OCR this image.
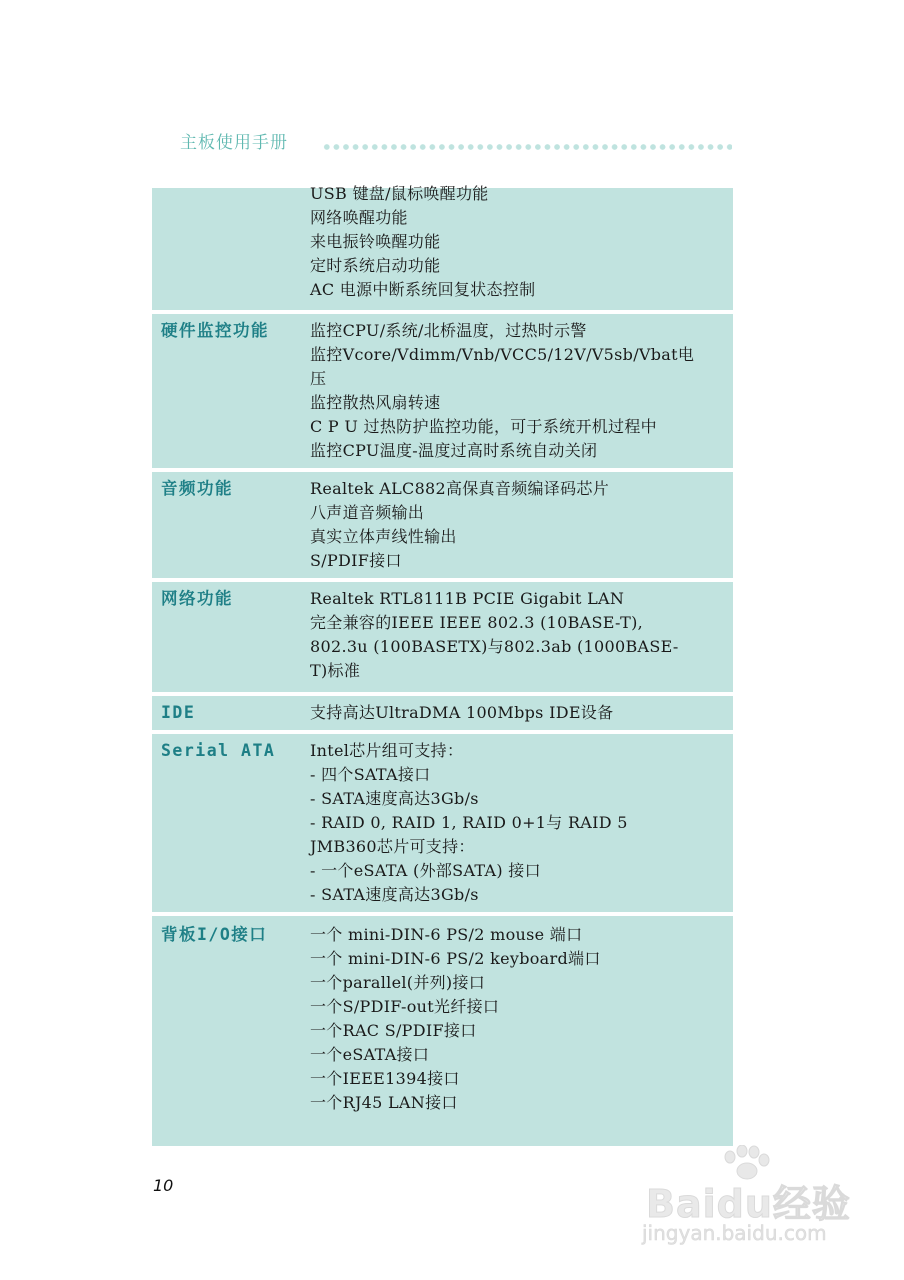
主板使用手册
USB 键盘/鼠标唤醒功能
网络唤醒功能
来电振铃唤醒功能
定时系统启动功能
AC 电源中断系统回复状态控制
硬件监控功能	监控CPU/系统/北桥温度，过热时示警
监控Vcore/Vdimm/Vnb/VCC5/12V/V5sb/Vbat电
压
监控散热风扇转速
C P U 过热防护监控功能，可于系统开机过程中
监控CPU温度-温度过高时系统自动关闭
音频功能	Realtek ALC882高保真音频编译码芯片
八声道音频输出
真实立体声线性输出
S/PDIF接口
网络功能	Realtek RTL8111B PCIE Gigabit LAN
完全兼容的IEEE IEEE 802.3 (10BASE-T),
802.3u (100BASETX)与802.3ab (1000BASE-
T)标准
IDE	支持高达UltraDMA 100Mbps IDE设备
Serial ATA	Intel芯片组可支持：
- 四个SATA接口
- SATA速度高达3Gb/s
- RAID 0, RAID 1, RAID 0+1与 RAID 5
JMB360芯片可支持：
- 一个eSATA (外部SATA) 接口
- SATA速度高达3Gb/s
背板I/O接口	一个 mini-DIN-6 PS/2 mouse 端口
一个 mini-DIN-6 PS/2 keyboard端口
一个parallel(并列)接口
一个S/PDIF-out光纤接口
一个RAC S/PDIF接口
一个eSATA接口
一个IEEE1394接口
一个RJ45 LAN接口
10	Baidu经验
jingyan.baidu.com
